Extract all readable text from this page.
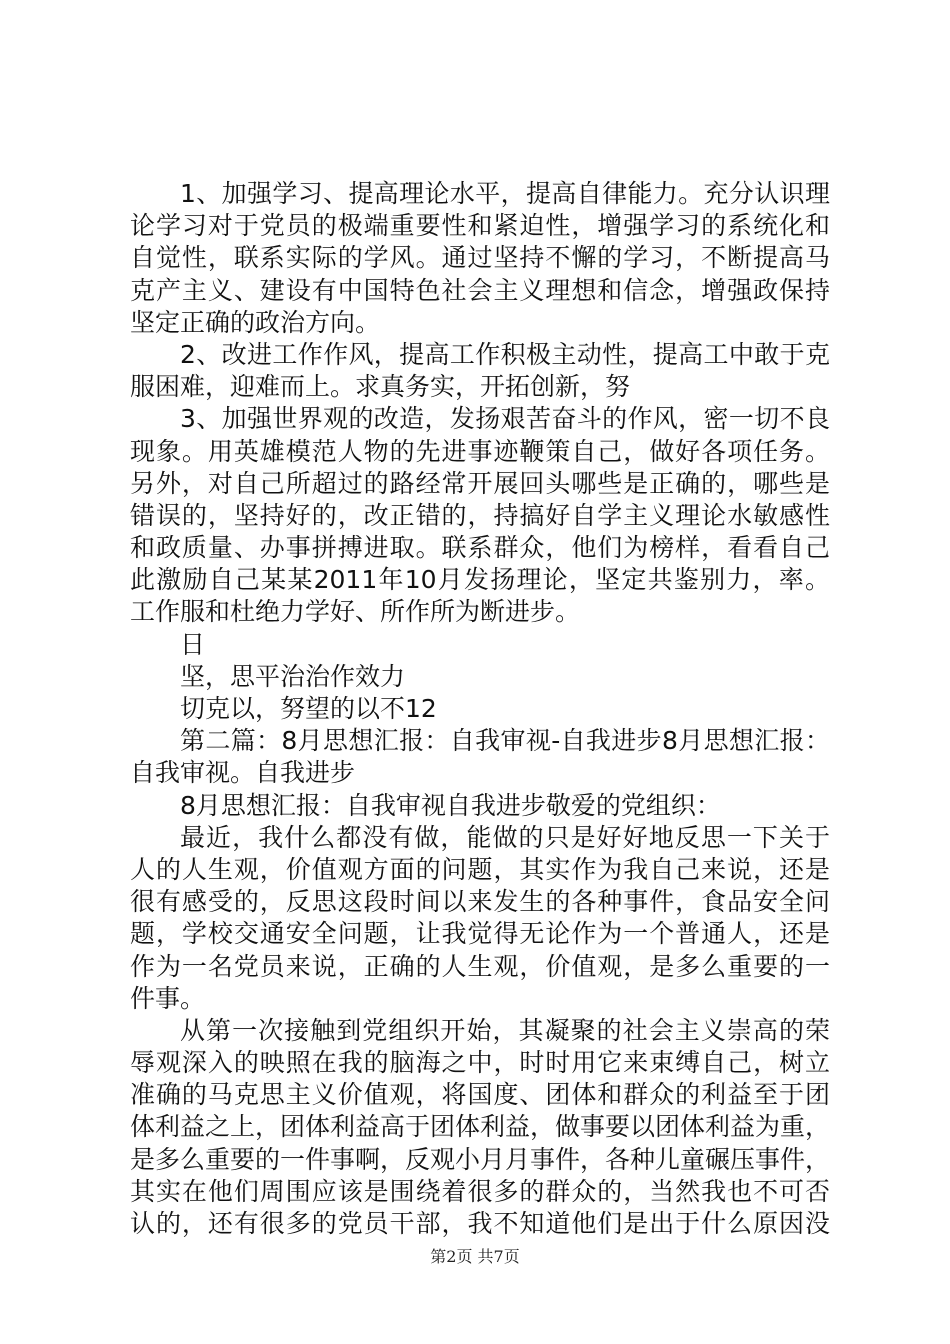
1、加强学习、提高理论水平，提高自律能力。充分认识理
论学习对于党员的极端重要性和紧迫性，增强学习的系统化和
自觉性，联系实际的学风。通过坚持不懈的学习，不断提高马
克产主义、建设有中国特色社会主义理想和信念，增强政保持
坚定正确的政治方向。
2、改进工作作风，提高工作积极主动性，提高工中敢于克
服困难，迎难而上。求真务实，开拓创新，努
3、加强世界观的改造，发扬艰苦奋斗的作风，密一切不良
现象。用英雄模范人物的先进事迹鞭策自己，做好各项任务。
另外，对自己所超过的路经常开展回头哪些是正确的，哪些是
错误的，坚持好的，改正错的，持搞好自学主义理论水敏感性
和政质量、办事拼搏进取。联系群众，他们为榜样，看看自己
此激励自己某某2011年10月发扬理论，坚定共鉴别力，率。
工作服和杜绝力学好、所作所为断进步。
日
坚，思平治治作效力
切克以，努望的以不12
第二篇：8月思想汇报：自我审视-自我进步8月思想汇报：
自我审视。自我进步
8月思想汇报：自我审视自我进步敬爱的党组织：
最近，我什么都没有做，能做的只是好好地反思一下关于
人的人生观，价值观方面的问题，其实作为我自己来说，还是
很有感受的，反思这段时间以来发生的各种事件，食品安全问
题，学校交通安全问题，让我觉得无论作为一个普通人，还是
作为一名党员来说，正确的人生观，价值观，是多么重要的一
件事。
从第一次接触到党组织开始，其凝聚的社会主义崇高的荣
辱观深入的映照在我的脑海之中，时时用它来束缚自己，树立
准确的马克思主义价值观，将国度、团体和群众的利益至于团
体利益之上，团体利益高于团体利益，做事要以团体利益为重，
是多么重要的一件事啊，反观小月月事件，各种儿童碾压事件，
其实在他们周围应该是围绕着很多的群众的，当然我也不可否
认的，还有很多的党员干部，我不知道他们是出于什么原因没
第2页 共7页
